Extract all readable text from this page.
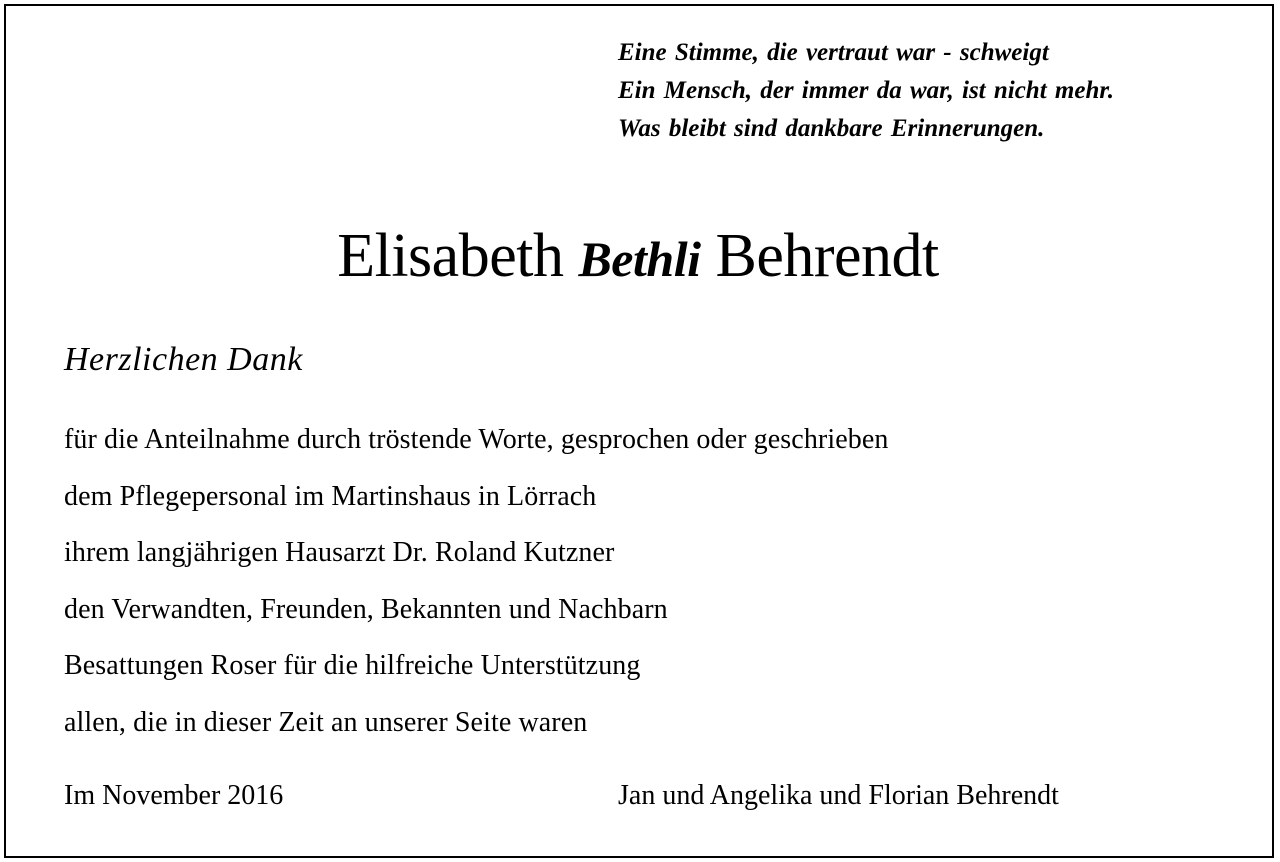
Eine Stimme, die vertraut war - schweigt
Ein Mensch, der immer da war, ist nicht mehr.
Was bleibt sind dankbare Erinnerungen.
Elisabeth Bethli Behrendt
Herzlichen Dank
für die Anteilnahme durch tröstende Worte, gesprochen oder geschrieben
dem Pflegepersonal im Martinshaus in Lörrach
ihrem langjährigen Hausarzt Dr. Roland Kutzner
den Verwandten, Freunden, Bekannten und Nachbarn
Besattungen Roser für die hilfreiche Unterstützung
allen, die in dieser Zeit an unserer Seite waren
Im November 2016	Jan und Angelika und Florian Behrendt
